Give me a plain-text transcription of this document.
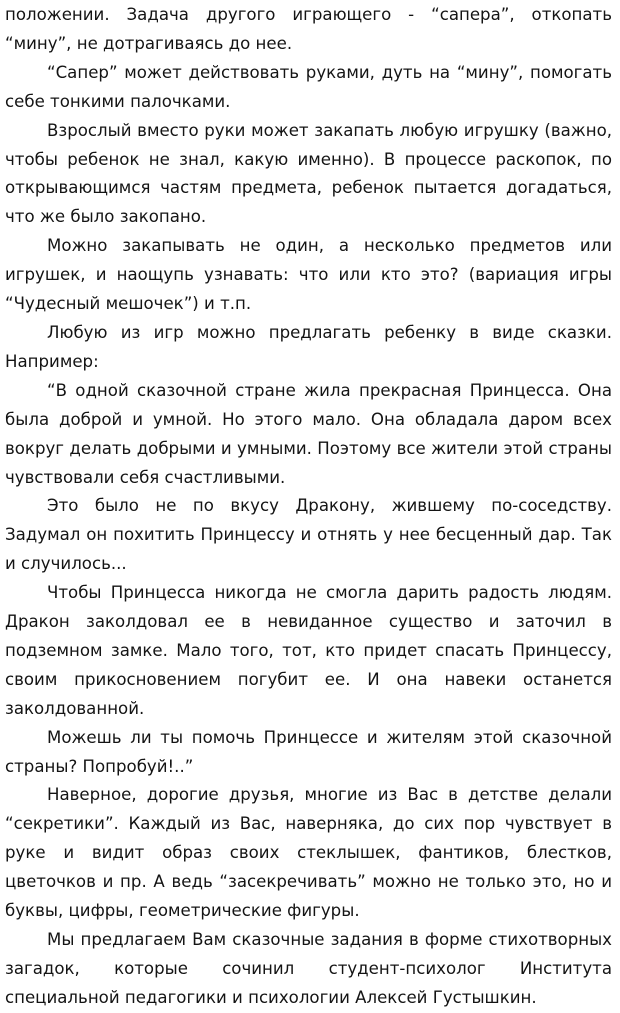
положении. Задача другого играющего - “сапера”, откопать “мину”, не дотрагиваясь до нее.

“Сапер” может действовать руками, дуть на “мину”, помогать себе тонкими палочками.

Взрослый вместо руки может закапать любую игрушку (важно, чтобы ребенок не знал, какую именно). В процессе раскопок, по открывающимся частям предмета, ребенок пытается догадаться, что же было закопано.

Можно закапывать не один, а несколько предметов или игрушек, и наощупь узнавать: что или кто это? (вариация игры “Чудесный мешочек”) и т.п.

Любую из игр можно предлагать ребенку в виде сказки. Например:

“В одной сказочной стране жила прекрасная Принцесса. Она была доброй и умной. Но этого мало. Она обладала даром всех вокруг делать добрыми и умными. Поэтому все жители этой страны чувствовали себя счастливыми.

Это было не по вкусу Дракону, жившему по-соседству. Задумал он похитить Принцессу и отнять у нее бесценный дар. Так и случилось...

Чтобы Принцесса никогда не смогла дарить радость людям. Дракон заколдовал ее в невиданное существо и заточил в подземном замке. Мало того, тот, кто придет спасать Принцессу, своим прикосновением погубит ее. И она навеки останется заколдованной.

Можешь ли ты помочь Принцессе и жителям этой сказочной страны? Попробуй!..”

Наверное, дорогие друзья, многие из Вас в детстве делали “секретики”. Каждый из Вас, наверняка, до сих пор чувствует в руке и видит образ своих стеклышек, фантиков, блестков, цветочков и пр. А ведь “засекречивать” можно не только это, но и буквы, цифры, геометрические фигуры.

Мы предлагаем Вам сказочные задания в форме стихотворных загадок, которые сочинил студент-психолог Института специальной педагогики и психологии Алексей Густышкин.
